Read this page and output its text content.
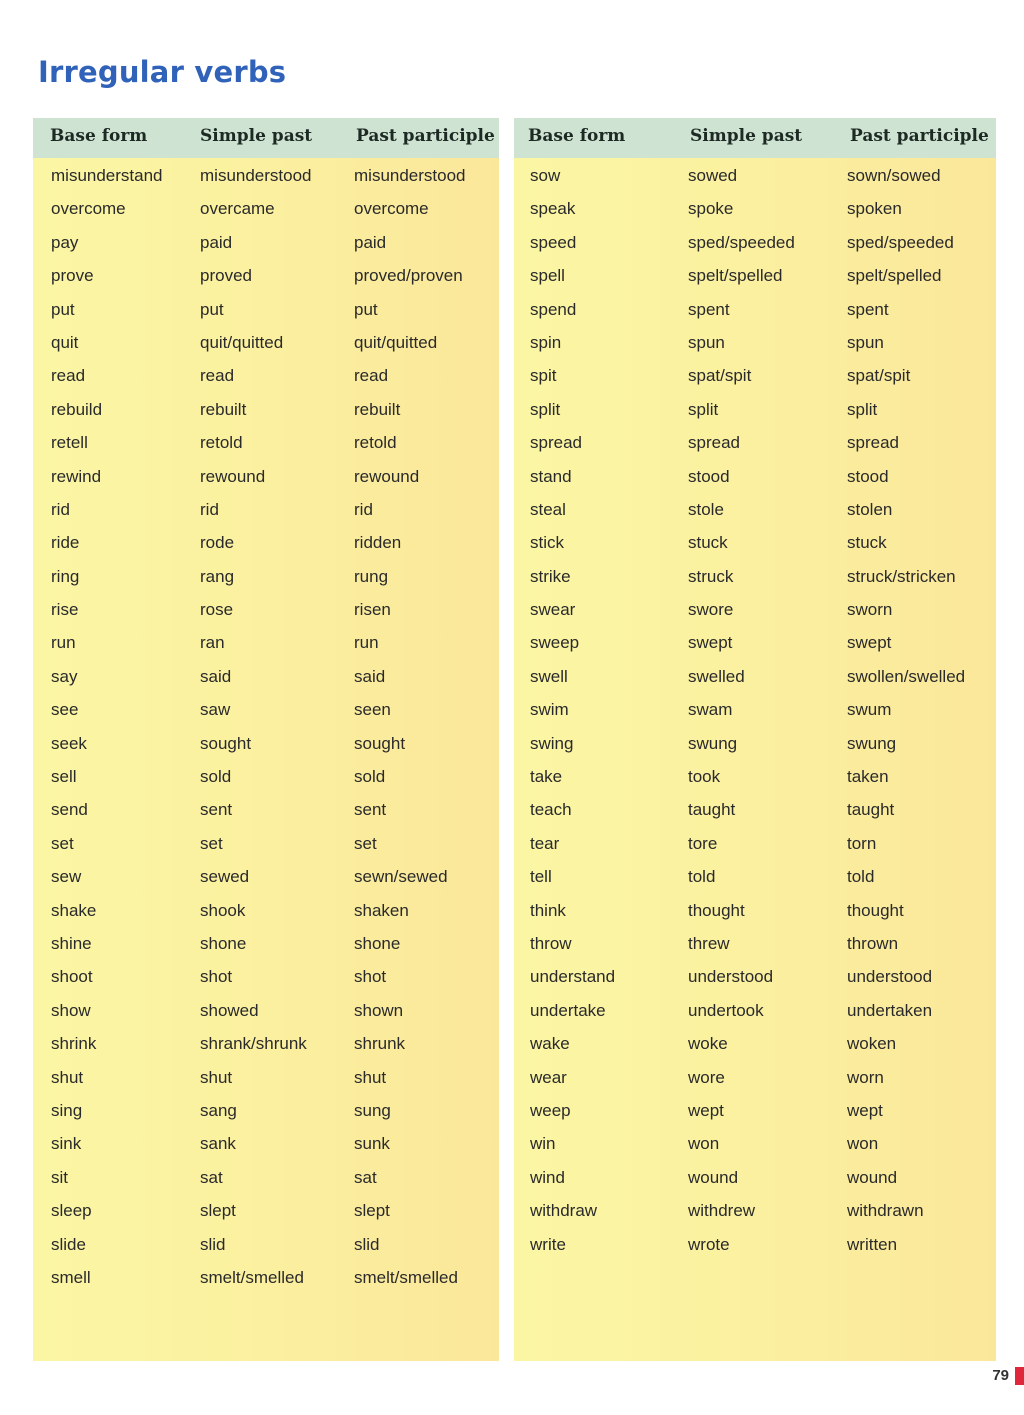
Irregular verbs
Base form	Simple past	Past participle
misunderstand misunderstood misunderstood
overcome	overcame	overcome
pay	paid	paid
prove	proved	proved/proven
put	put	put
quit	quit/quitted	quit/quitted
read	read	read
rebuild	rebuilt	rebuilt
retell	retold	retold
rewind	rewound	rewound
rid	rid	rid
ride	rode	ridden
ring	rang	rung
rise	rose	risen
run	ran	run
say	said	said
see	saw	seen
seek	sought	sought
sell	sold	sold
send	sent	sent
set	set	set
sew	sewed	sewn/sewed
shake	shook	shaken
shine	shone	shone
shoot	shot	shot
show	showed	shown
shrink	shrank/shrunk	shrunk
shut	shut	shut
sing	sang	sung
sink	sank	sunk
sit	sat	sat
sleep	slept	slept
slide	slid	slid
smell	smelt/smelled	smelt/smelled
Base form	Simple past	Past participle
sow	sowed	sown/sowed
speak	spoke	spoken
speed	sped/speeded	sped/speeded
spell	spelt/spelled	spelt/spelled
spend	spent	spent
spin	spun	spun
spit	spat/spit	spat/spit
split	split	split
spread	spread	spread
stand	stood	stood
steal	stole	stolen
stick	stuck	stuck
strike	struck	struck/stricken
swear	swore	sworn
sweep	swept	swept
swell	swelled	swollen/swelled
swim	swam	swum
swing	swung	swung
take	took	taken
teach	taught	taught
tear	tore	torn
tell	told	told
think	thought	thought
throw	threw	thrown
understand	understood	understood
undertake	undertook	undertaken
wake	woke	woken
wear	wore	worn
weep	wept	wept
win	won	won
wind	wound	wound
withdraw	withdrew	withdrawn
write	wrote	written
79
